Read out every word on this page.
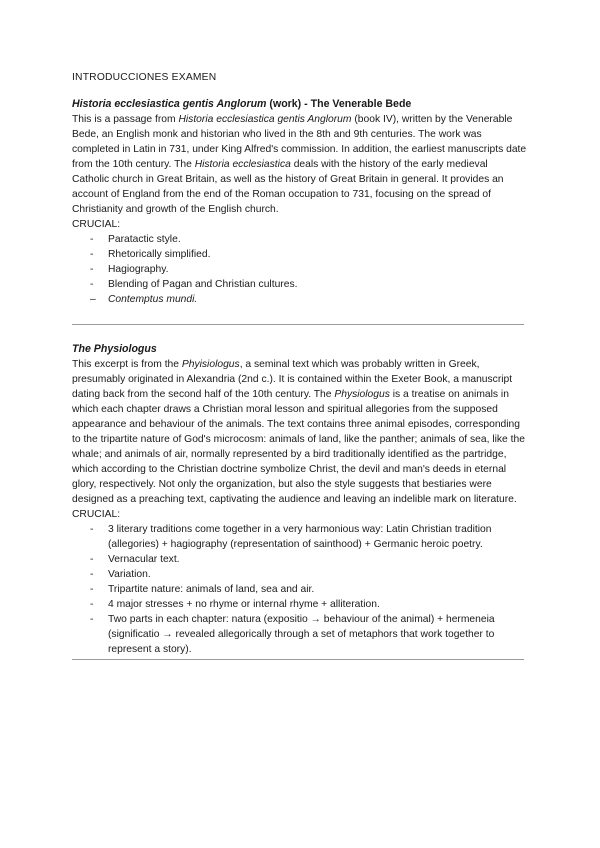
INTRODUCCIONES EXAMEN

Historia ecclesiastica gentis Anglorum (work) - The Venerable Bede

This is a passage from Historia ecclesiastica gentis Anglorum (book IV), written by the Venerable Bede, an English monk and historian who lived in the 8th and 9th centuries. The work was completed in Latin in 731, under King Alfred's commission. In addition, the earliest manuscripts date from the 10th century. The Historia ecclesiastica deals with the history of the early medieval Catholic church in Great Britain, as well as the history of Great Britain in general. It provides an account of England from the end of the Roman occupation to 731, focusing on the spread of Christianity and growth of the English church.

CRUCIAL:

- Paratactic style.
- Rhetorically simplified.
- Hagiography.
- Blending of Pagan and Christian cultures.
– Contemptus mundi.

The Physiologus

This excerpt is from the Phyisiologus, a seminal text which was probably written in Greek, presumably originated in Alexandria (2nd c.). It is contained within the Exeter Book, a manuscript dating back from the second half of the 10th century. The Physiologus is a treatise on animals in which each chapter draws a Christian moral lesson and spiritual allegories from the supposed appearance and behaviour of the animals. The text contains three animal episodes, corresponding to the tripartite nature of God's microcosm: animals of land, like the panther; animals of sea, like the whale; and animals of air, normally represented by a bird traditionally identified as the partridge, which according to the Christian doctrine symbolize Christ, the devil and man's deeds in eternal glory, respectively. Not only the organization, but also the style suggests that bestiaries were designed as a preaching text, captivating the audience and leaving an indelible mark on literature.

CRUCIAL:

- 3 literary traditions come together in a very harmonious way: Latin Christian tradition (allegories) + hagiography (representation of sainthood) + Germanic heroic poetry.
- Vernacular text.
- Variation.
- Tripartite nature: animals of land, sea and air.
- 4 major stresses + no rhyme or internal rhyme + alliteration.
- Two parts in each chapter: natura (expositio → behaviour of the animal) + hermeneia (significatio → revealed allegorically through a set of metaphors that work together to represent a story).
